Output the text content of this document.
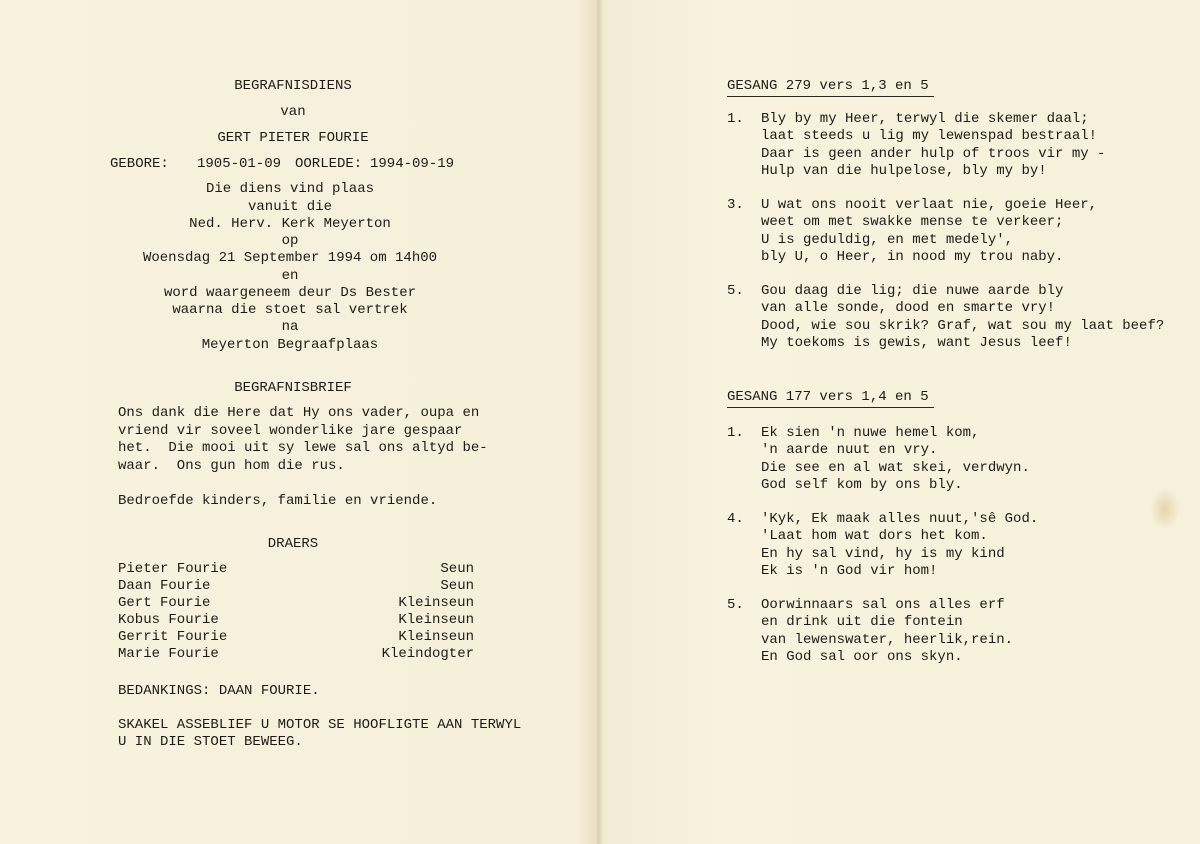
BEGRAFNISDIENS
van
GERT PIETER FOURIE
GEBORE: 1905-01-09 OORLEDE: 1994-09-19
Die diens vind plaas
vanuit die
Ned. Herv. Kerk Meyerton
op
Woensdag 21 September 1994 om 14h00
en
word waargeneem deur Ds Bester
waarna die stoet sal vertrek
na
Meyerton Begraafplaas
BEGRAFNISBRIEF
Ons dank die Here dat Hy ons vader, oupa en
vriend vir soveel wonderlike jare gespaar
het.  Die mooi uit sy lewe sal ons altyd be-
waar.  Ons gun hom die rus.
Bedroefde kinders, familie en vriende.
DRAERS
Pieter Fourie	Seun
Daan Fourie	Seun
Gert Fourie	Kleinseun
Kobus Fourie	Kleinseun
Gerrit Fourie	Kleinseun
Marie Fourie	Kleindogter
BEDANKINGS: DAAN FOURIE.
SKAKEL ASSEBLIEF U MOTOR SE HOOFLIGTE AAN TERWYL
U IN DIE STOET BEWEEG.
GESANG 279 vers 1,3 en 5
1. Bly by my Heer, terwyl die skemer daal;
laat steeds u lig my lewenspad bestraal!
Daar is geen ander hulp of troos vir my -
Hulp van die hulpelose, bly my by!
3. U wat ons nooit verlaat nie, goeie Heer,
weet om met swakke mense te verkeer;
U is geduldig, en met medely',
bly U, o Heer, in nood my trou naby.
5. Gou daag die lig; die nuwe aarde bly
van alle sonde, dood en smarte vry!
Dood, wie sou skrik? Graf, wat sou my laat beef?
My toekoms is gewis, want Jesus leef!
GESANG 177 vers 1,4 en 5
1. Ek sien 'n nuwe hemel kom,
'n aarde nuut en vry.
Die see en al wat skei, verdwyn.
God self kom by ons bly.
4. 'Kyk, Ek maak alles nuut,'sê God.
'Laat hom wat dors het kom.
En hy sal vind, hy is my kind
Ek is 'n God vir hom!
5. Oorwinnaars sal ons alles erf
en drink uit die fontein
van lewenswater, heerlik,rein.
En God sal oor ons skyn.
